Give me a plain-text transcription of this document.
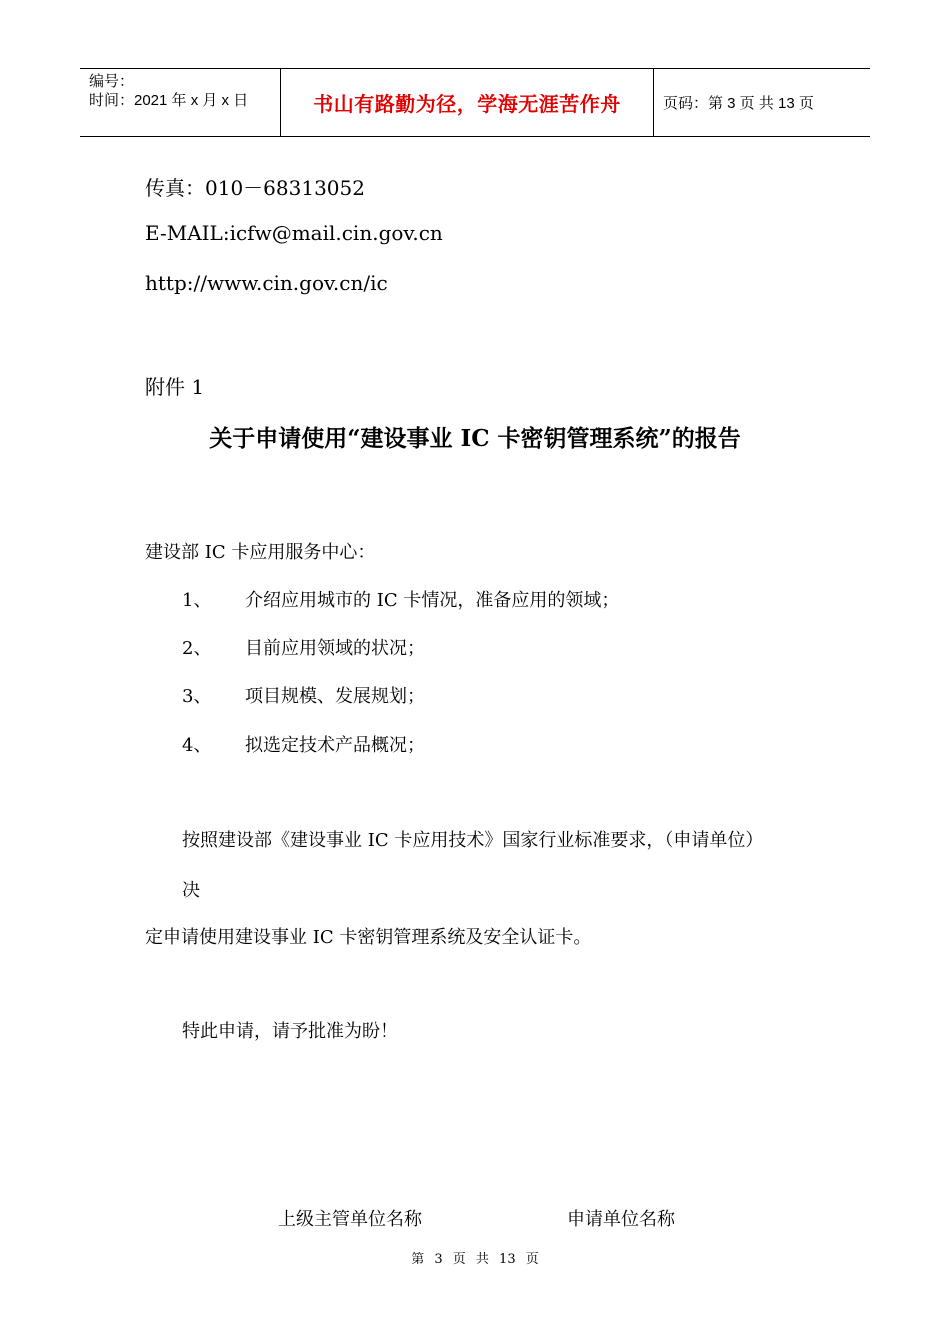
编号：
时间：2021 年 x 月 x 日	书山有路勤为径，学海无涯苦作舟	页码：第 3 页 共 13 页
传真：010－68313052
E-MAIL:icfw@mail.cin.gov.cn
http://www.cin.gov.cn/ic
附件 1
关于申请使用“建设事业 IC 卡密钥管理系统”的报告
建设部 IC 卡应用服务中心：
1、 介绍应用城市的 IC 卡情况，准备应用的领域；
2、 目前应用领域的状况；
3、 项目规模、发展规划；
4、 拟选定技术产品概况；
按照建设部《建设事业 IC 卡应用技术》国家行业标准要求，（申请单位）
决
定申请使用建设事业 IC 卡密钥管理系统及安全认证卡。
特此申请，请予批准为盼！
上级主管单位名称	申请单位名称
第 3 页 共 13 页
